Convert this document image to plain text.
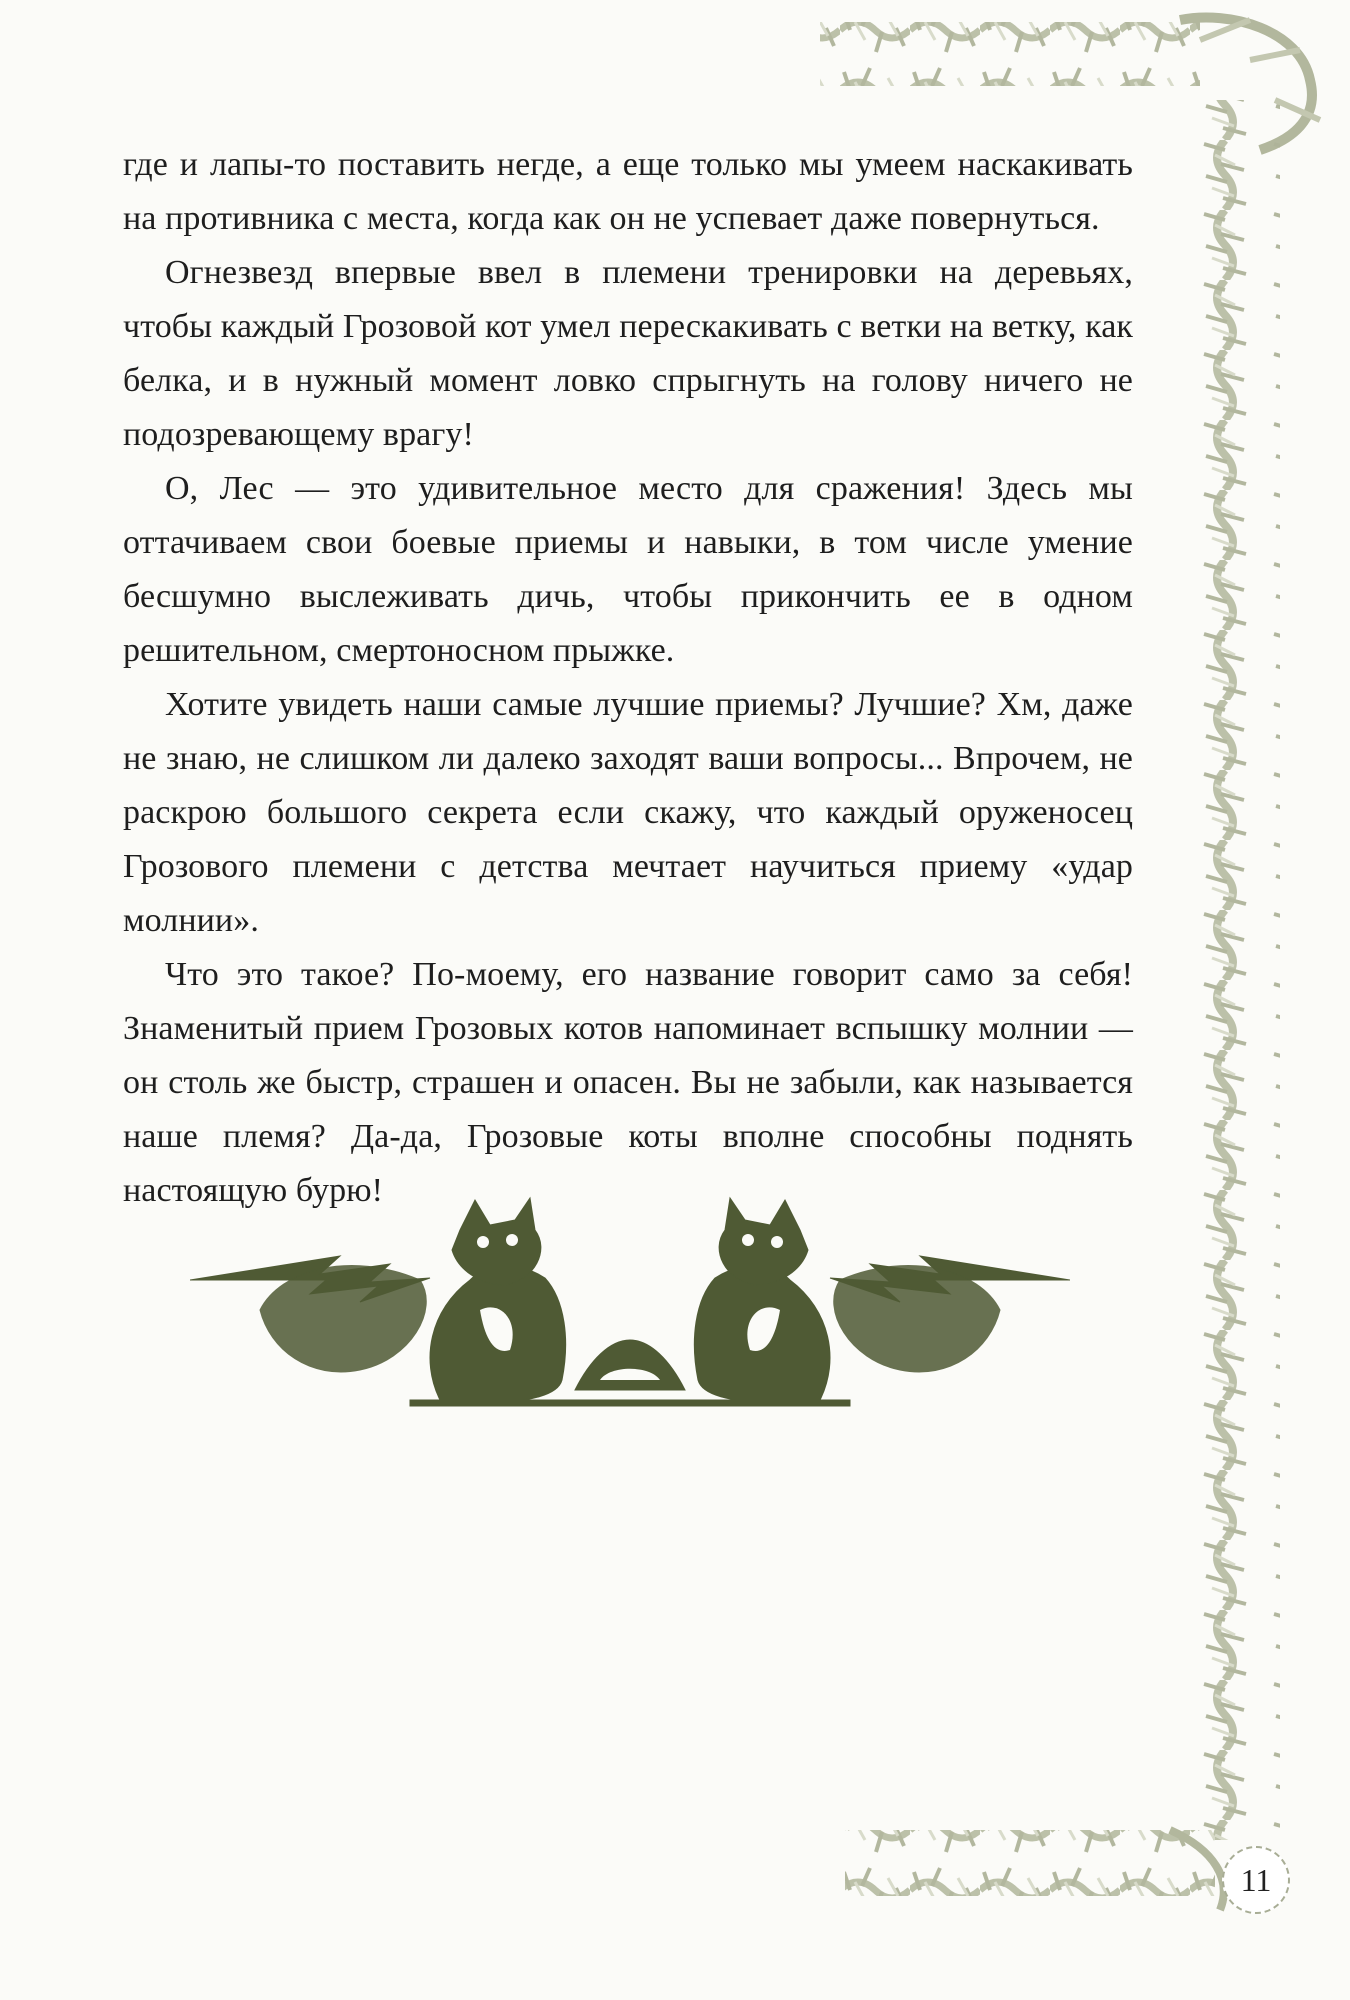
где и лапы-то поставить негде, а еще только мы умеем наскакивать на противника с места, когда как он не успевает даже повернуться.

Огнезвезд впервые ввел в племени тренировки на деревьях, чтобы каждый Грозовой кот умел перескакивать с ветки на ветку, как белка, и в нужный момент ловко спрыгнуть на голову ничего не подозревающему врагу!

О, Лес — это удивительное место для сражения! Здесь мы оттачиваем свои боевые приемы и навыки, в том числе умение бесшумно выслеживать дичь, чтобы прикончить ее в одном решительном, смертоносном прыжке.

Хотите увидеть наши самые лучшие приемы? Лучшие? Хм, даже не знаю, не слишком ли далеко заходят ваши вопросы... Впрочем, не раскрою большого секрета если скажу, что каждый оруженосец Грозового племени с детства мечтает научиться приему «удар молнии».

Что это такое? По-моему, его название говорит само за себя! Знаменитый прием Грозовых котов напоминает вспышку молнии — он столь же быстр, страшен и опасен. Вы не забыли, как называется наше племя? Да-да, Грозовые коты вполне способны поднять настоящую бурю!

11
